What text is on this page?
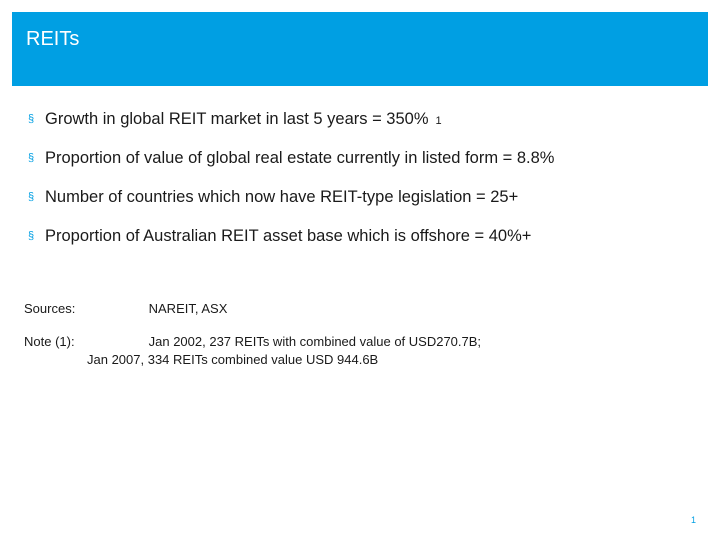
REITs
§ Growth in global REIT market in last 5 years = 350% 1
§ Proportion of value of global real estate currently in listed form = 8.8%
§ Number of countries which now have REIT-type legislation = 25+
§ Proportion of Australian REIT asset base which is offshore = 40%+
Sources:	NAREIT, ASX
Note (1):	Jan 2002, 237 REITs with combined value of USD270.7B;
Jan 2007, 334 REITs combined value USD 944.6B
1
